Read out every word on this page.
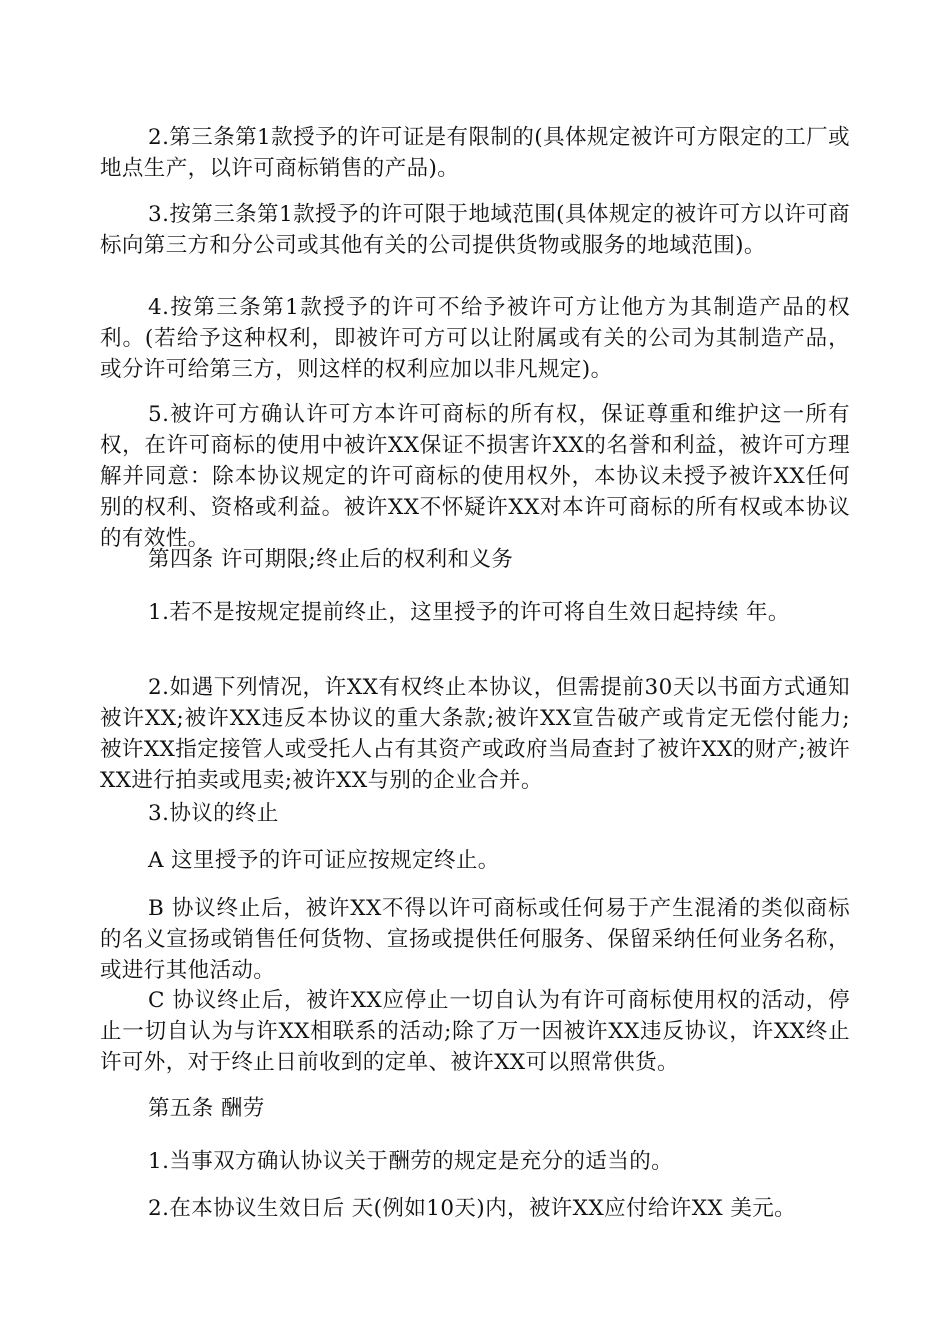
2.第三条第1款授予的许可证是有限制的(具体规定被许可方限定的工厂或地点生产，以许可商标销售的产品)。

3.按第三条第1款授予的许可限于地域范围(具体规定的被许可方以许可商标向第三方和分公司或其他有关的公司提供货物或服务的地域范围)。

4.按第三条第1款授予的许可不给予被许可方让他方为其制造产品的权利。(若给予这种权利，即被许可方可以让附属或有关的公司为其制造产品，或分许可给第三方，则这样的权利应加以非凡规定)。

5.被许可方确认许可方本许可商标的所有权，保证尊重和维护这一所有权，在许可商标的使用中被许XX保证不损害许XX的名誉和利益，被许可方理解并同意：除本协议规定的许可商标的使用权外，本协议未授予被许XX任何别的权利、资格或利益。被许XX不怀疑许XX对本许可商标的所有权或本协议的有效性。

第四条 许可期限;终止后的权利和义务

1.若不是按规定提前终止，这里授予的许可将自生效日起持续 年。

2.如遇下列情况，许XX有权终止本协议，但需提前30天以书面方式通知被许XX;被许XX违反本协议的重大条款;被许XX宣告破产或肯定无偿付能力;被许XX指定接管人或受托人占有其资产或政府当局查封了被许XX的财产;被许XX进行拍卖或甩卖;被许XX与别的企业合并。

3.协议的终止

A 这里授予的许可证应按规定终止。

B 协议终止后，被许XX不得以许可商标或任何易于产生混淆的类似商标的名义宣扬或销售任何货物、宣扬或提供任何服务、保留采纳任何业务名称，或进行其他活动。

C 协议终止后，被许XX应停止一切自认为有许可商标使用权的活动，停止一切自认为与许XX相联系的活动;除了万一因被许XX违反协议，许XX终止许可外，对于终止日前收到的定单、被许XX可以照常供货。

第五条 酬劳

1.当事双方确认协议关于酬劳的规定是充分的适当的。

2.在本协议生效日后 天(例如10天)内，被许XX应付给许XX 美元。
